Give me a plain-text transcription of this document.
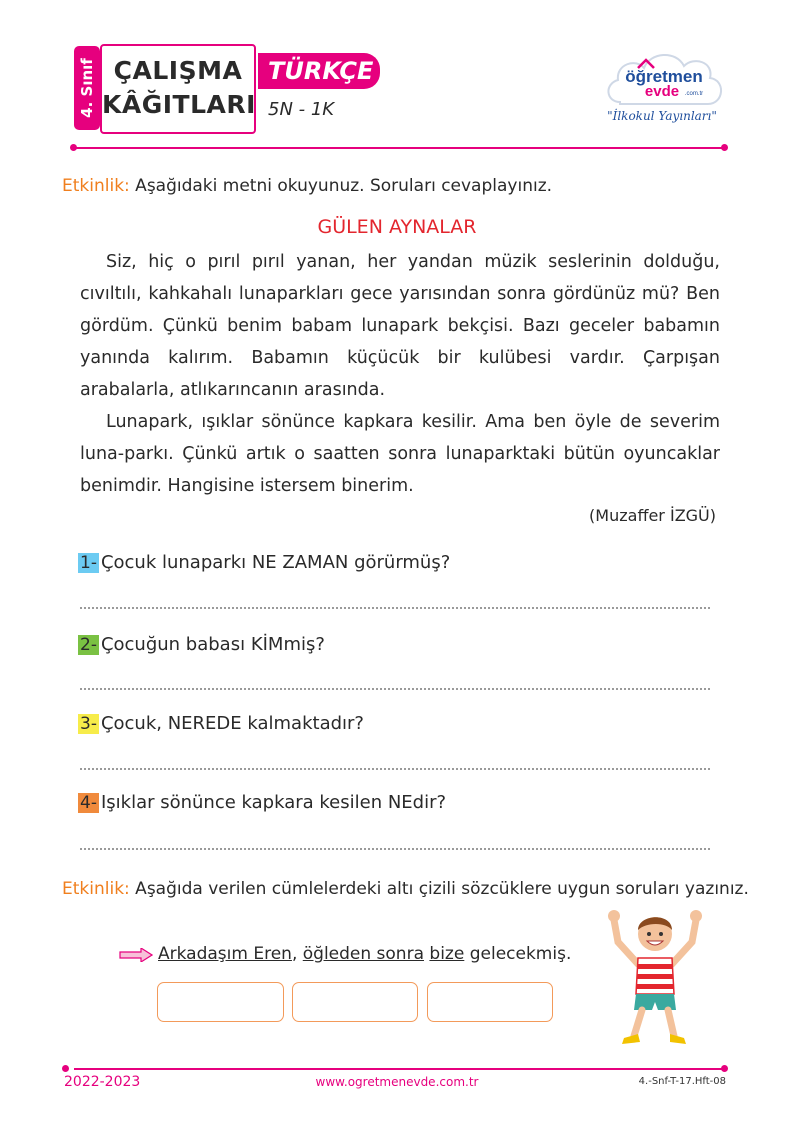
4. Sınıf ÇALIŞMA
KÂĞITLARI
TÜRKÇE
5N - 1K
öğretmen
evde .com.tr
"İlkokul Yayınları"
Etkinlik: Aşağıdaki metni okuyunuz. Soruları cevaplayınız.
GÜLEN AYNALAR

Siz, hiç o pırıl pırıl yanan, her yandan müzik seslerinin dolduğu, cıvıltılı, kahkahalı lunaparkları gece yarısından sonra gördünüz mü? Ben gördüm. Çünkü benim babam lunapark bekçisi. Bazı geceler babamın yanında kalırım. Babamın küçücük bir kulübesi vardır. Çarpışan arabalarla, atlıkarıncanın arasında.

Lunapark, ışıklar sönünce kapkara kesilir. Ama ben öyle de severim luna-parkı. Çünkü artık o saatten sonra lunaparktaki bütün oyuncaklar benimdir. Hangisine istersem binerim.

(Muzaffer İZGÜ)
1- Çocuk lunaparkı NE ZAMAN görürmüş?
2- Çocuğun babası KİMmiş?
3- Çocuk, NEREDE kalmaktadır?
4- Işıklar sönünce kapkara kesilen NEdir?
Etkinlik: Aşağıda verilen cümlelerdeki altı çizili sözcüklere uygun soruları yazınız.
Arkadaşım Eren, öğleden sonra bize gelecekmiş.
2022-2023	www.ogretmenevde.com.tr	4.-Snf-T-17.Hft-08
